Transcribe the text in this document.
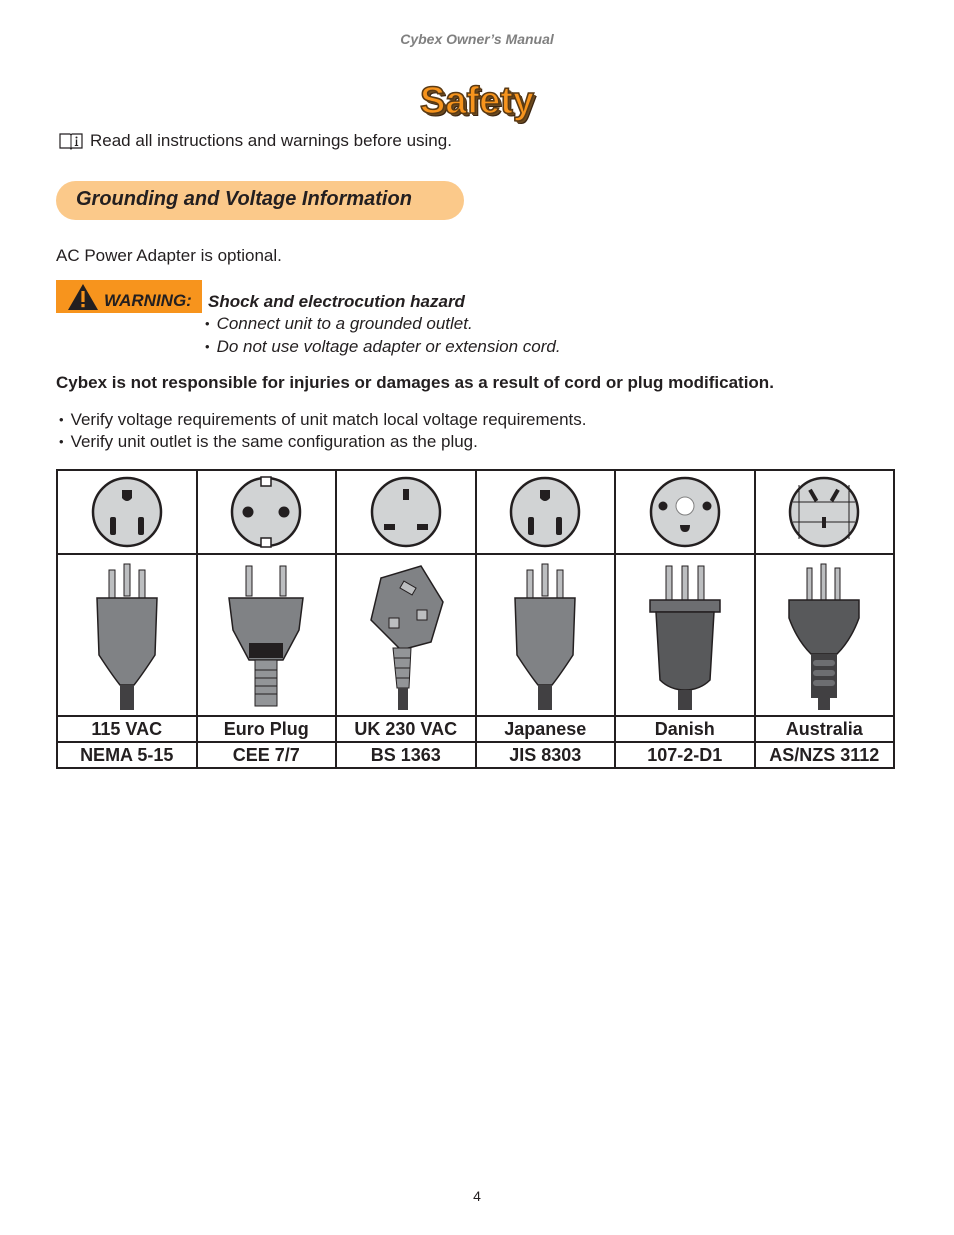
Cybex Owner’s Manual
Safety
Read all instructions and warnings before using.
Grounding and Voltage Information
AC Power Adapter is optional.
WARNING: Shock and electrocution hazard
• Connect unit to a grounded outlet.
• Do not use voltage adapter or extension cord.
Cybex is not responsible for injuries or damages as a result of cord or plug modification.
• Verify voltage requirements of unit match local voltage requirements.
• Verify unit outlet is the same configuration as the plug.

115 VAC	Euro Plug	UK 230 VAC	Japanese	Danish	Australia
NEMA 5-15	CEE 7/7	BS 1363	JIS 8303	107-2-D1	AS/NZS 3112
4
